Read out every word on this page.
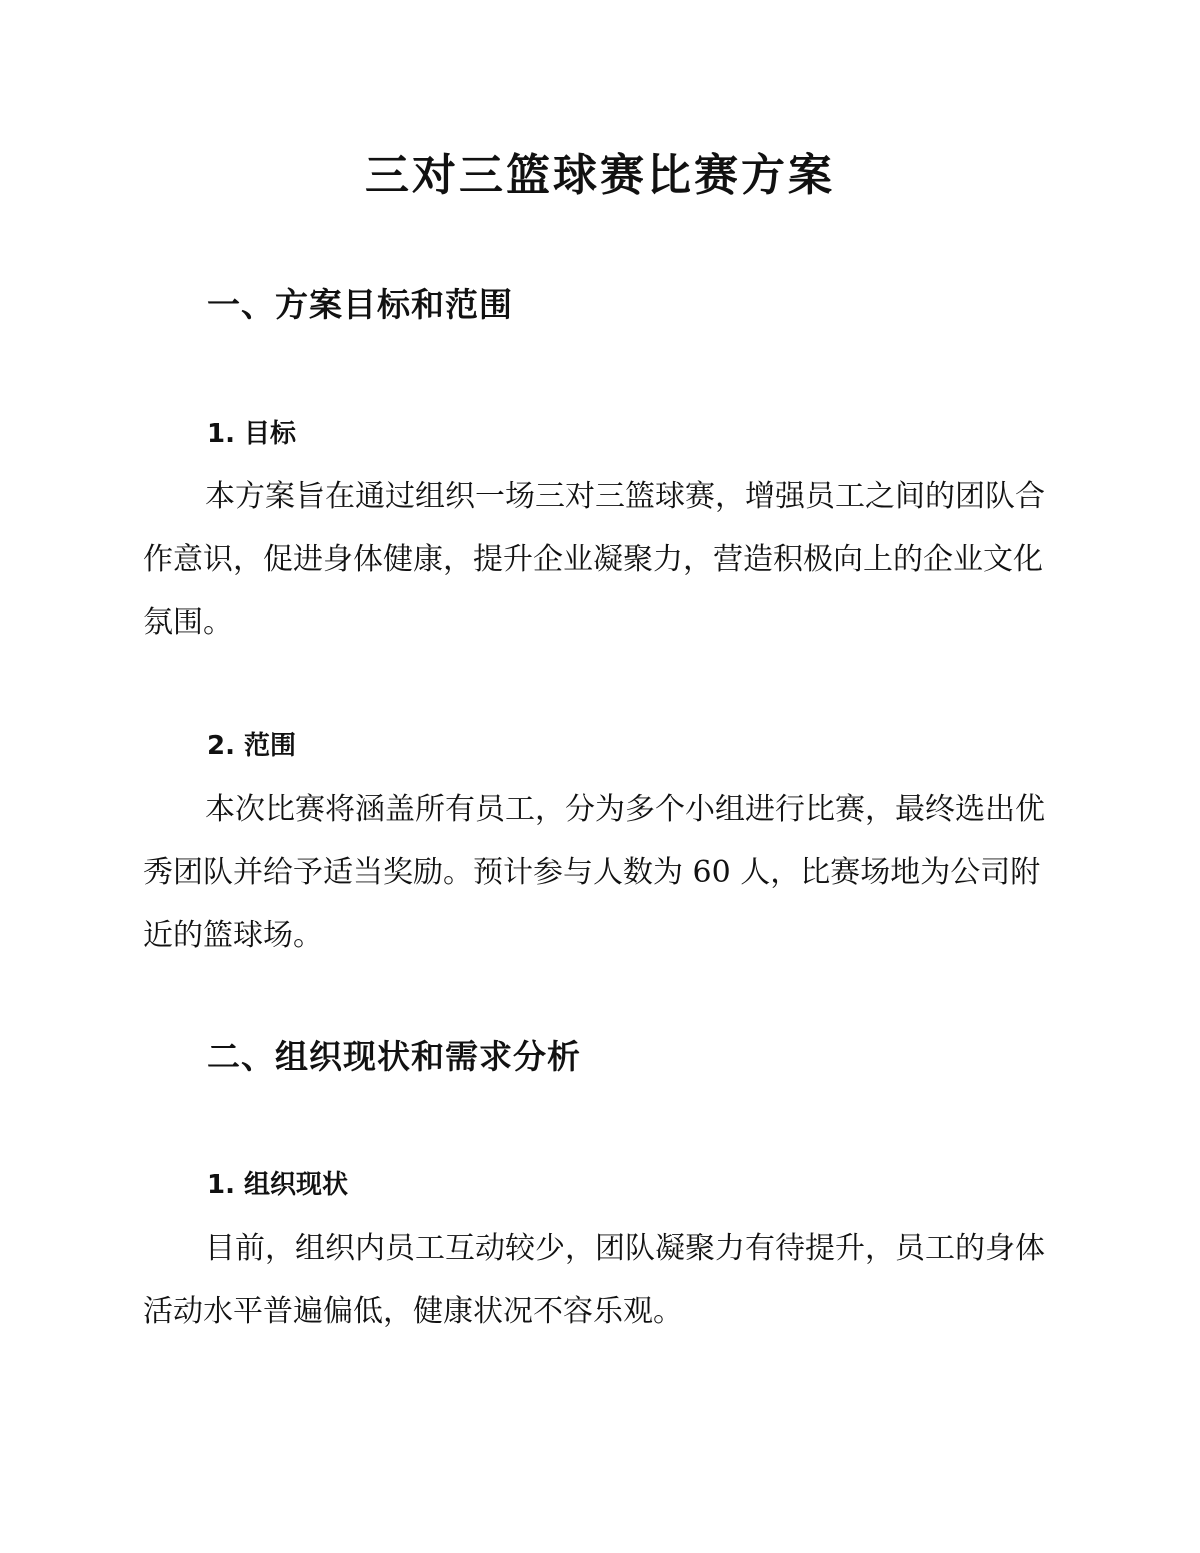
三对三篮球赛比赛方案
一、方案目标和范围
1. 目标

本方案旨在通过组织一场三对三篮球赛，增强员工之间的团队合作意识，促进身体健康，提升企业凝聚力，营造积极向上的企业文化氛围。

2. 范围

本次比赛将涵盖所有员工，分为多个小组进行比赛，最终选出优秀团队并给予适当奖励。预计参与人数为 60 人，比赛场地为公司附近的篮球场。

二、组织现状和需求分析
1. 组织现状

目前，组织内员工互动较少，团队凝聚力有待提升，员工的身体活动水平普遍偏低，健康状况不容乐观。
